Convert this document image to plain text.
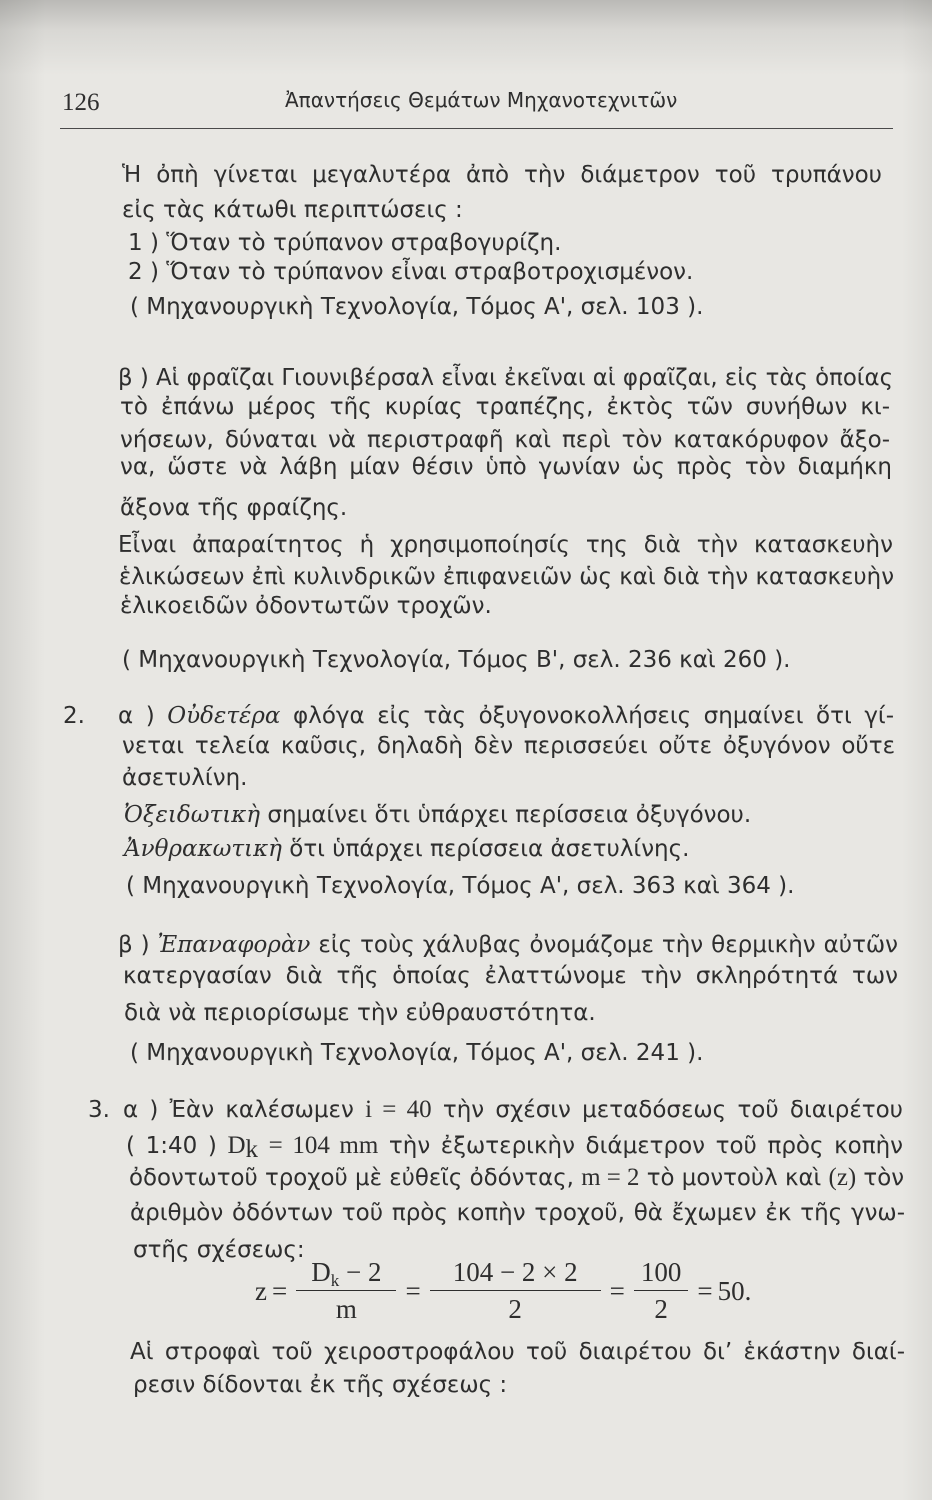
126	Ἀπαντήσεις Θεμάτων Μηχανοτεχνιτῶν
Ἡ ὀπὴ γίνεται μεγαλυτέρα ἀπὸ τὴν διάμετρον τοῦ τρυπάνου
εἰς τὰς κάτωθι περιπτώσεις :
1 ) Ὅταν τὸ τρύπανον στραβογυρίζη.
2 ) Ὅταν τὸ τρύπανον εἶναι στραβοτροχισμένον.
( Μηχανουργικὴ Τεχνολογία, Τόμος Α', σελ. 103 ).
β ) Αἱ φραῖζαι Γιουνιβέρσαλ εἶναι ἐκεῖναι αἱ φραῖζαι, εἰς τὰς ὁποίας
τὸ ἐπάνω μέρος τῆς κυρίας τραπέζης, ἐκτὸς τῶν συνήθων κι-
νήσεων, δύναται νὰ περιστραφῆ καὶ περὶ τὸν κατακόρυφον ἄξο-
να, ὥστε νὰ λάβη μίαν θέσιν ὑπὸ γωνίαν ὡς πρὸς τὸν διαμήκη
ἄξονα τῆς φραίζης.
Εἶναι ἀπαραίτητος ἡ χρησιμοποίησίς της διὰ τὴν κατασκευὴν
ἑλικώσεων ἐπὶ κυλινδρικῶν ἐπιφανειῶν ὡς καὶ διὰ τὴν κατασκευὴν
ἑλικοειδῶν ὀδοντωτῶν τροχῶν.
( Μηχανουργικὴ Τεχνολογία, Τόμος Β', σελ. 236 καὶ 260 ).
2. α ) Οὐδετέρα φλόγα εἰς τὰς ὀξυγονοκολλήσεις σημαίνει ὅτι γί-
νεται τελεία καῦσις, δηλαδὴ δὲν περισσεύει οὔτε ὀξυγόνον οὔτε
ἀσετυλίνη.
Ὀξειδωτικὴ σημαίνει ὅτι ὑπάρχει περίσσεια ὀξυγόνου.
Ἀνθρακωτικὴ ὅτι ὑπάρχει περίσσεια ἀσετυλίνης.
( Μηχανουργικὴ Τεχνολογία, Τόμος Α', σελ. 363 καὶ 364 ).
β ) Ἐπαναφορὰν εἰς τοὺς χάλυβας ὀνομάζομε τὴν θερμικὴν αὐτῶν
κατεργασίαν διὰ τῆς ὁποίας ἐλαττώνομε τὴν σκληρότητά των
διὰ νὰ περιορίσωμε τὴν εὐθραυστότητα.
( Μηχανουργικὴ Τεχνολογία, Τόμος Α', σελ. 241 ).
3. α ) Ἐὰν καλέσωμεν i = 40 τὴν σχέσιν μεταδόσεως τοῦ διαιρέτου
( 1:40 ) $D_k = 104$ mm τὴν ἐξωτερικὴν διάμετρον τοῦ πρὸς κοπὴν
ὀδοντωτοῦ τροχοῦ μὲ εὐθεῖς ὀδόντας, m = 2 τὸ μοντοὺλ καὶ (z) τὸν
ἀριθμὸν ὀδόντων τοῦ πρὸς κοπὴν τροχοῦ, θὰ ἔχωμεν ἐκ τῆς γνω-
στῆς σχέσεως:
$z = \frac{D_k - 2}{m} = \frac{104 - 2 \times 2}{2} = \frac{100}{2} = 50$.
Αἱ στροφαὶ τοῦ χειροστροφάλου τοῦ διαιρέτου δι’ ἑκάστην διαί-
ρεσιν δίδονται ἐκ τῆς σχέσεως :
